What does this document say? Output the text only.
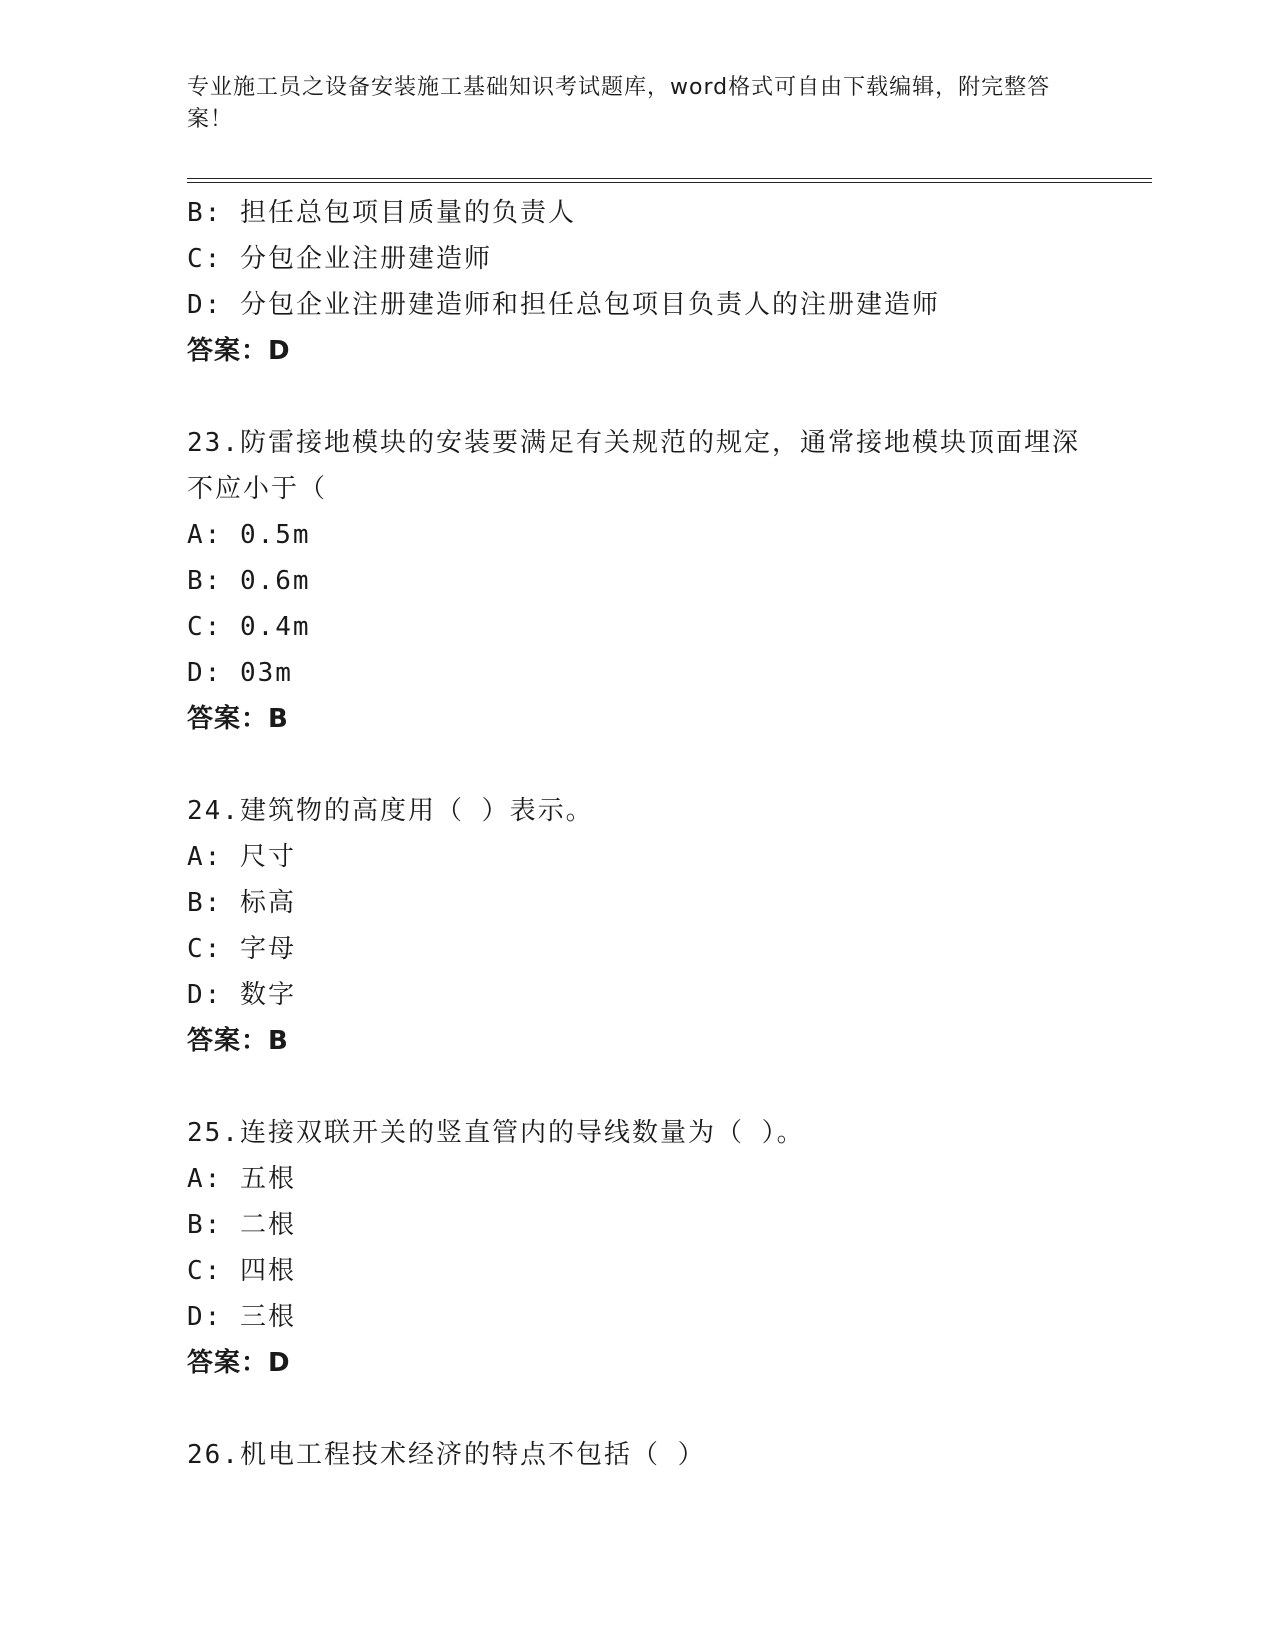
专业施工员之设备安装施工基础知识考试题库，word格式可自由下载编辑，附完整答案！
B: 担任总包项目质量的负责人
C: 分包企业注册建造师
D: 分包企业注册建造师和担任总包项目负责人的注册建造师
答案：D
23.防雷接地模块的安装要满足有关规范的规定，通常接地模块顶面埋深不应小于（
A: 0.5m
B: 0.6m
C: 0.4m
D: 03m
答案：B
24.建筑物的高度用（ ）表示。
A: 尺寸
B: 标高
C: 字母
D: 数字
答案：B
25.连接双联开关的竖直管内的导线数量为（ ）。
A: 五根
B: 二根
C: 四根
D: 三根
答案：D
26.机电工程技术经济的特点不包括（ ）
